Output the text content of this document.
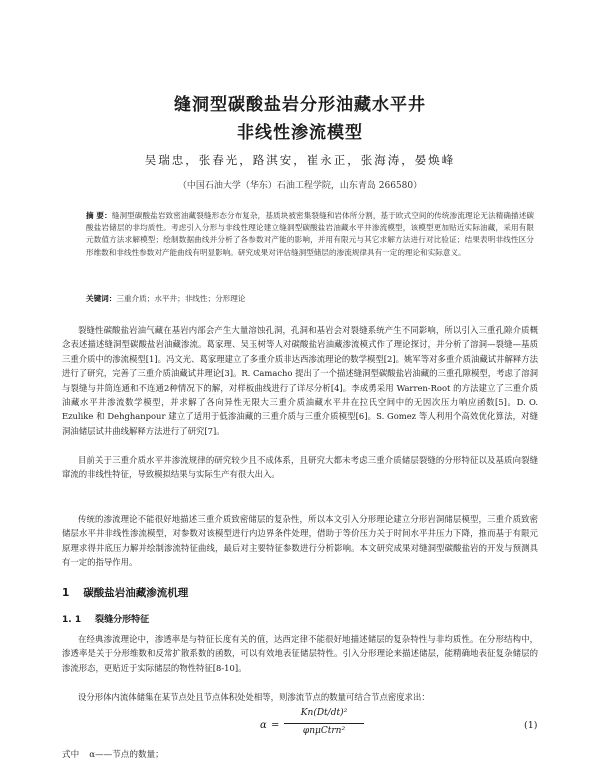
缝洞型碳酸盐岩分形油藏水平井
非线性渗流模型
吴瑞忠，张春光，路淇安，崔永正，张海涛，晏焕峰
（中国石油大学（华东）石油工程学院，山东青岛 266580）
摘 要：缝洞型碳酸盐岩致密油藏裂缝形态分布复杂，基质块被密集裂缝和岩体所分割，基于欧式空间的传统渗流理论无法精确描述碳酸盐岩储层的非均质性。考虑引入分形与非线性理论建立缝洞型碳酸盐岩油藏水平井渗流模型，该模型更加贴近实际油藏，采用有限元数值方法求解模型；绘制数据曲线并分析了各参数对产能的影响，并用有限元与其它求解方法进行对比验证；结果表明非线性区分形维数和非线性参数对产能曲线有明显影响。研究成果对评估缝洞型储层的渗流规律具有一定的理论和实际意义。
关键词：三重介质；水平井；非线性；分形理论

裂缝性碳酸盐岩油气藏在基岩内部会产生大量溶蚀孔洞，孔洞和基岩会对裂缝系统产生不同影响，所以引入三重孔隙介质概念表述描述缝洞型碳酸盐岩油藏渗流。葛家理、吴玉树等人对碳酸盐岩油藏渗流模式作了理论探讨，并分析了溶洞—裂缝—基质三重介质中的渗流模型[1]。冯文光、葛家理建立了多重介质非达西渗流理论的数学模型[2]。姚军等对多重介质油藏试井解释方法进行了研究，完善了三重介质油藏试井理论[3]。R. Camacho 提出了一个描述缝洞型碳酸盐岩油藏的三重孔隙模型，考虑了溶洞与裂缝与井筒连通和不连通2种情况下的解，对样板曲线进行了详尽分析[4]。李成勇采用 Warren-Root 的方法建立了三重介质油藏水平井渗流数学模型，并求解了各向异性无限大三重介质油藏水平井在拉氏空间中的无因次压力响应函数[5]。D. O. Ezulike 和 Dehghanpour 建立了适用于低渗油藏的三重介质与三重介质模型[6]。S. Gomez 等人利用个高效优化算法，对缝洞油储层试井曲线解释方法进行了研究[7]。

目前关于三重介质水平井渗流规律的研究较少且不成体系，且研究大都未考虑三重介质储层裂缝的分形特征以及基质向裂缝窜流的非线性特征，导致模拟结果与实际生产有很大出入。

传统的渗流理论不能很好地描述三重介质致密储层的复杂性，所以本文引入分形理论建立分形岩洞储层模型，三重介质致密储层水平井非线性渗流模型，对参数对该模型进行内边界条件处理，借助于等价压力关于时间水平井压力下降，推而基于有限元原理求得井底压力解并绘制渗流特征曲线，最后对主要特征参数进行分析影响。本文研究成果对缝洞型碳酸盐岩的开发与预测具有一定的指导作用。

1 碳酸盐岩油藏渗流机理
1. 1 裂缝分形特征

在经典渗流理论中，渗透率是与特征长度有关的值，达西定律不能很好地描述储层的复杂特性与非均质性。在分形结构中，渗透率是关于分形维数和反常扩散系数的函数，可以有效地表征储层特性。引入分形理论来描述储层，能精确地表征复杂储层的渗流形态，更贴近于实际储层的物性特征[8-10]。

设分形体内流体储集在某节点处且节点体积处处相等，则渗流节点的数量可结合节点密度求出：

α =
Kn(Dt/dt)²
φnμCtrn²	(1)
式中 α——节点的数量；
